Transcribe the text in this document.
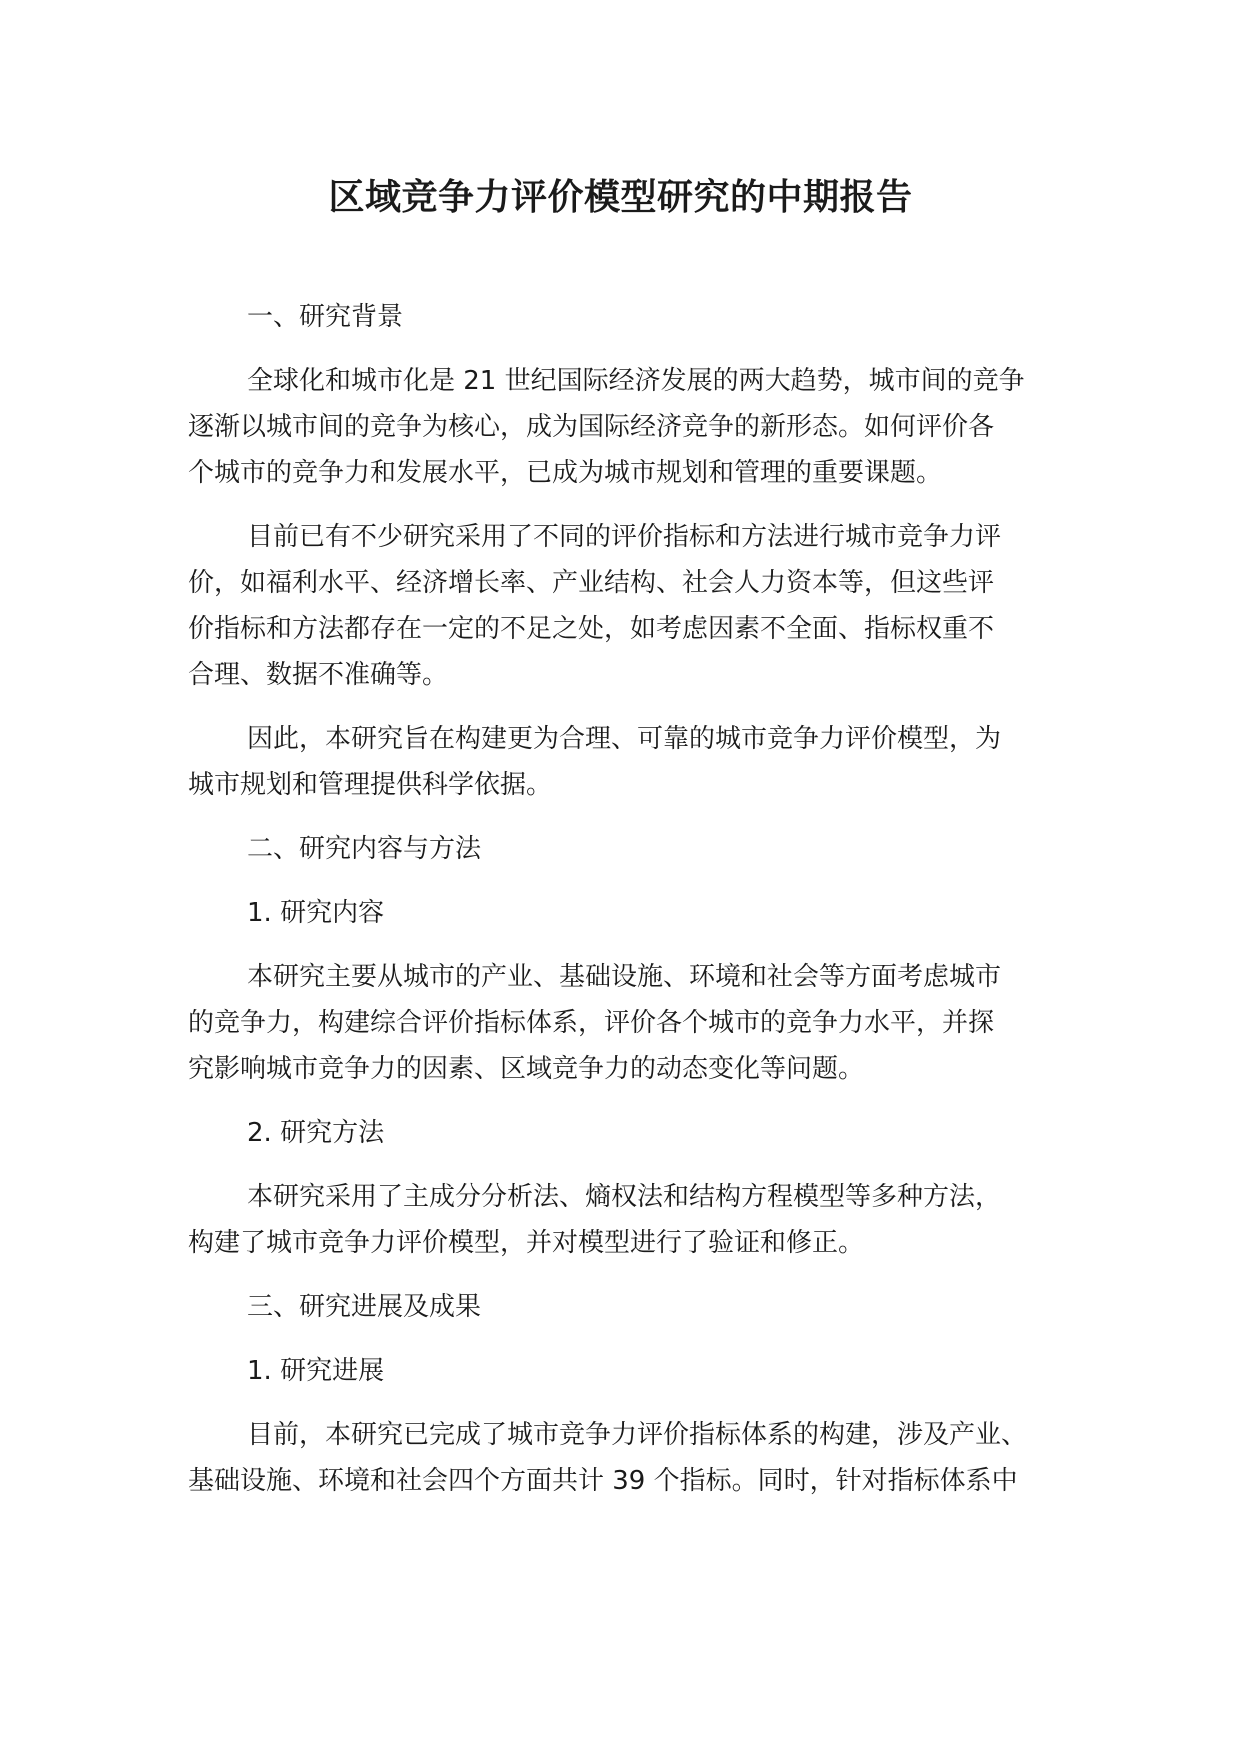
区域竞争力评价模型研究的中期报告
一、研究背景
全球化和城市化是 21 世纪国际经济发展的两大趋势，城市间的竞争
逐渐以城市间的竞争为核心，成为国际经济竞争的新形态。如何评价各
个城市的竞争力和发展水平，已成为城市规划和管理的重要课题。
目前已有不少研究采用了不同的评价指标和方法进行城市竞争力评
价，如福利水平、经济增长率、产业结构、社会人力资本等，但这些评
价指标和方法都存在一定的不足之处，如考虑因素不全面、指标权重不
合理、数据不准确等。
因此，本研究旨在构建更为合理、可靠的城市竞争力评价模型，为
城市规划和管理提供科学依据。
二、研究内容与方法
1. 研究内容
本研究主要从城市的产业、基础设施、环境和社会等方面考虑城市
的竞争力，构建综合评价指标体系，评价各个城市的竞争力水平，并探
究影响城市竞争力的因素、区域竞争力的动态变化等问题。
2. 研究方法
本研究采用了主成分分析法、熵权法和结构方程模型等多种方法，
构建了城市竞争力评价模型，并对模型进行了验证和修正。
三、研究进展及成果
1. 研究进展
目前，本研究已完成了城市竞争力评价指标体系的构建，涉及产业、
基础设施、环境和社会四个方面共计 39 个指标。同时，针对指标体系中
